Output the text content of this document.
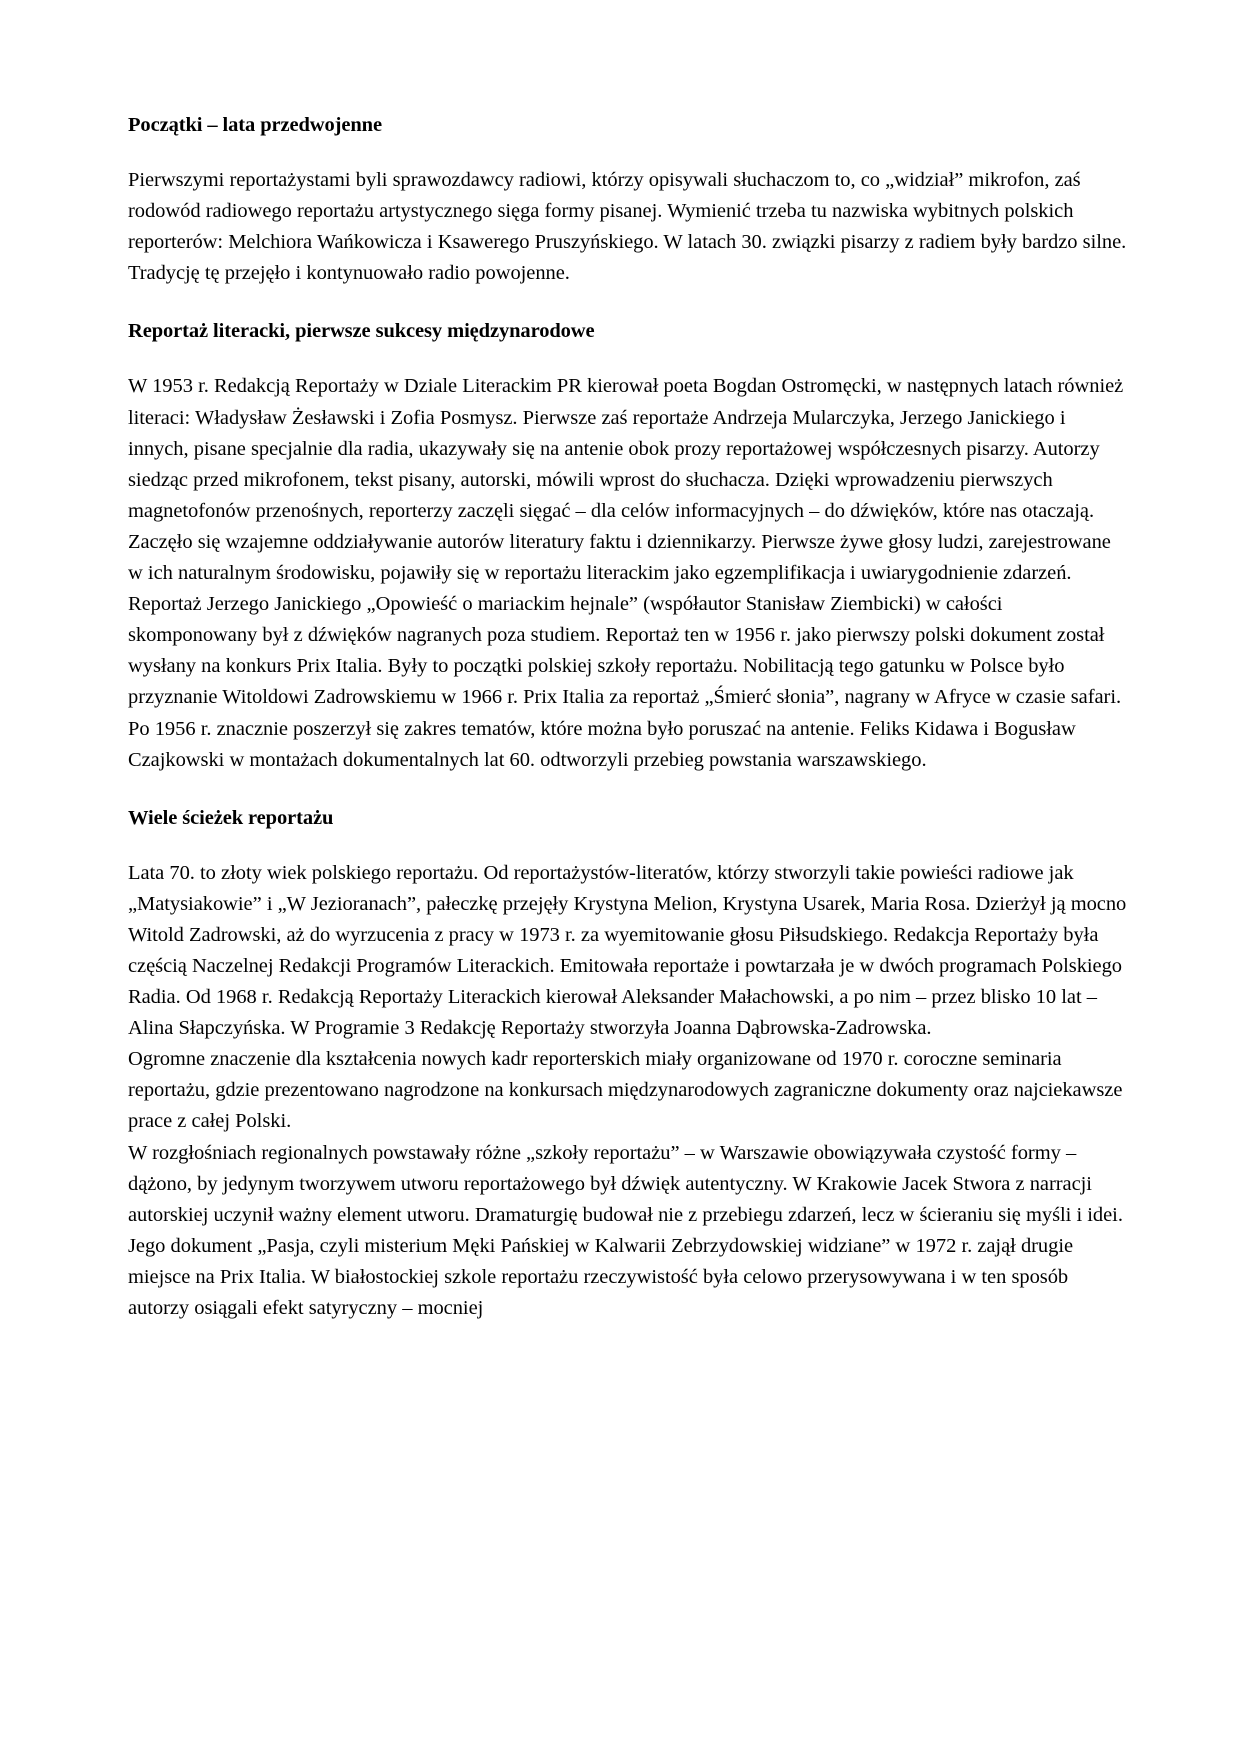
Początki – lata przedwojenne

Pierwszymi reportażystami byli sprawozdawcy radiowi, którzy opisywali słuchaczom to, co „widział” mikrofon, zaś rodowód radiowego reportażu artystycznego sięga formy pisanej. Wymienić trzeba tu nazwiska wybitnych polskich reporterów: Melchiora Wańkowicza i Ksawerego Pruszyńskiego. W latach 30. związki pisarzy z radiem były bardzo silne. Tradycję tę przejęło i kontynuowało radio powojenne.

Reportaż literacki, pierwsze sukcesy międzynarodowe

W 1953 r. Redakcją Reportaży w Dziale Literackim PR kierował poeta Bogdan Ostromęcki, w następnych latach również literaci: Władysław Żesławski i Zofia Posmysz. Pierwsze zaś reportaże Andrzeja Mularczyka, Jerzego Janickiego i innych, pisane specjalnie dla radia, ukazywały się na antenie obok prozy reportażowej współczesnych pisarzy. Autorzy siedząc przed mikrofonem, tekst pisany, autorski, mówili wprost do słuchacza. Dzięki wprowadzeniu pierwszych magnetofonów przenośnych, reporterzy zaczęli sięgać – dla celów informacyjnych – do dźwięków, które nas otaczają. Zaczęło się wzajemne oddziaływanie autorów literatury faktu i dziennikarzy. Pierwsze żywe głosy ludzi, zarejestrowane w ich naturalnym środowisku, pojawiły się w reportażu literackim jako egzemplifikacja i uwiarygodnienie zdarzeń.

Reportaż Jerzego Janickiego „Opowieść o mariackim hejnale” (współautor Stanisław Ziembicki) w całości skomponowany był z dźwięków nagranych poza studiem. Reportaż ten w 1956 r. jako pierwszy polski dokument został wysłany na konkurs Prix Italia. Były to początki polskiej szkoły reportażu. Nobilitacją tego gatunku w Polsce było przyznanie Witoldowi Zadrowskiemu w 1966 r. Prix Italia za reportaż „Śmierć słonia”, nagrany w Afryce w czasie safari.

Po 1956 r. znacznie poszerzył się zakres tematów, które można było poruszać na antenie. Feliks Kidawa i Bogusław Czajkowski w montażach dokumentalnych lat 60. odtworzyli przebieg powstania warszawskiego.

Wiele ścieżek reportażu

Lata 70. to złoty wiek polskiego reportażu. Od reportażystów-literatów, którzy stworzyli takie powieści radiowe jak „Matysiakowie” i „W Jezioranach”, pałeczkę przejęły Krystyna Melion, Krystyna Usarek, Maria Rosa. Dzierżył ją mocno Witold Zadrowski, aż do wyrzucenia z pracy w 1973 r. za wyemitowanie głosu Piłsudskiego. Redakcja Reportaży była częścią Naczelnej Redakcji Programów Literackich. Emitowała reportaże i powtarzała je w dwóch programach Polskiego Radia. Od 1968 r. Redakcją Reportaży Literackich kierował Aleksander Małachowski, a po nim – przez blisko 10 lat – Alina Słapczyńska. W Programie 3 Redakcję Reportaży stworzyła Joanna Dąbrowska-Zadrowska.

Ogromne znaczenie dla kształcenia nowych kadr reporterskich miały organizowane od 1970 r. coroczne seminaria reportażu, gdzie prezentowano nagrodzone na konkursach międzynarodowych zagraniczne dokumenty oraz najciekawsze prace z całej Polski.

W rozgłośniach regionalnych powstawały różne „szkoły reportażu” – w Warszawie obowiązywała czystość formy – dążono, by jedynym tworzywem utworu reportażowego był dźwięk autentyczny. W Krakowie Jacek Stwora z narracji autorskiej uczynił ważny element utworu. Dramaturgię budował nie z przebiegu zdarzeń, lecz w ścieraniu się myśli i idei. Jego dokument „Pasja, czyli misterium Męki Pańskiej w Kalwarii Zebrzydowskiej widziane” w 1972 r. zajął drugie miejsce na Prix Italia. W białostockiej szkole reportażu rzeczywistość była celowo przerysowywana i w ten sposób autorzy osiągali efekt satyryczny – mocniej
